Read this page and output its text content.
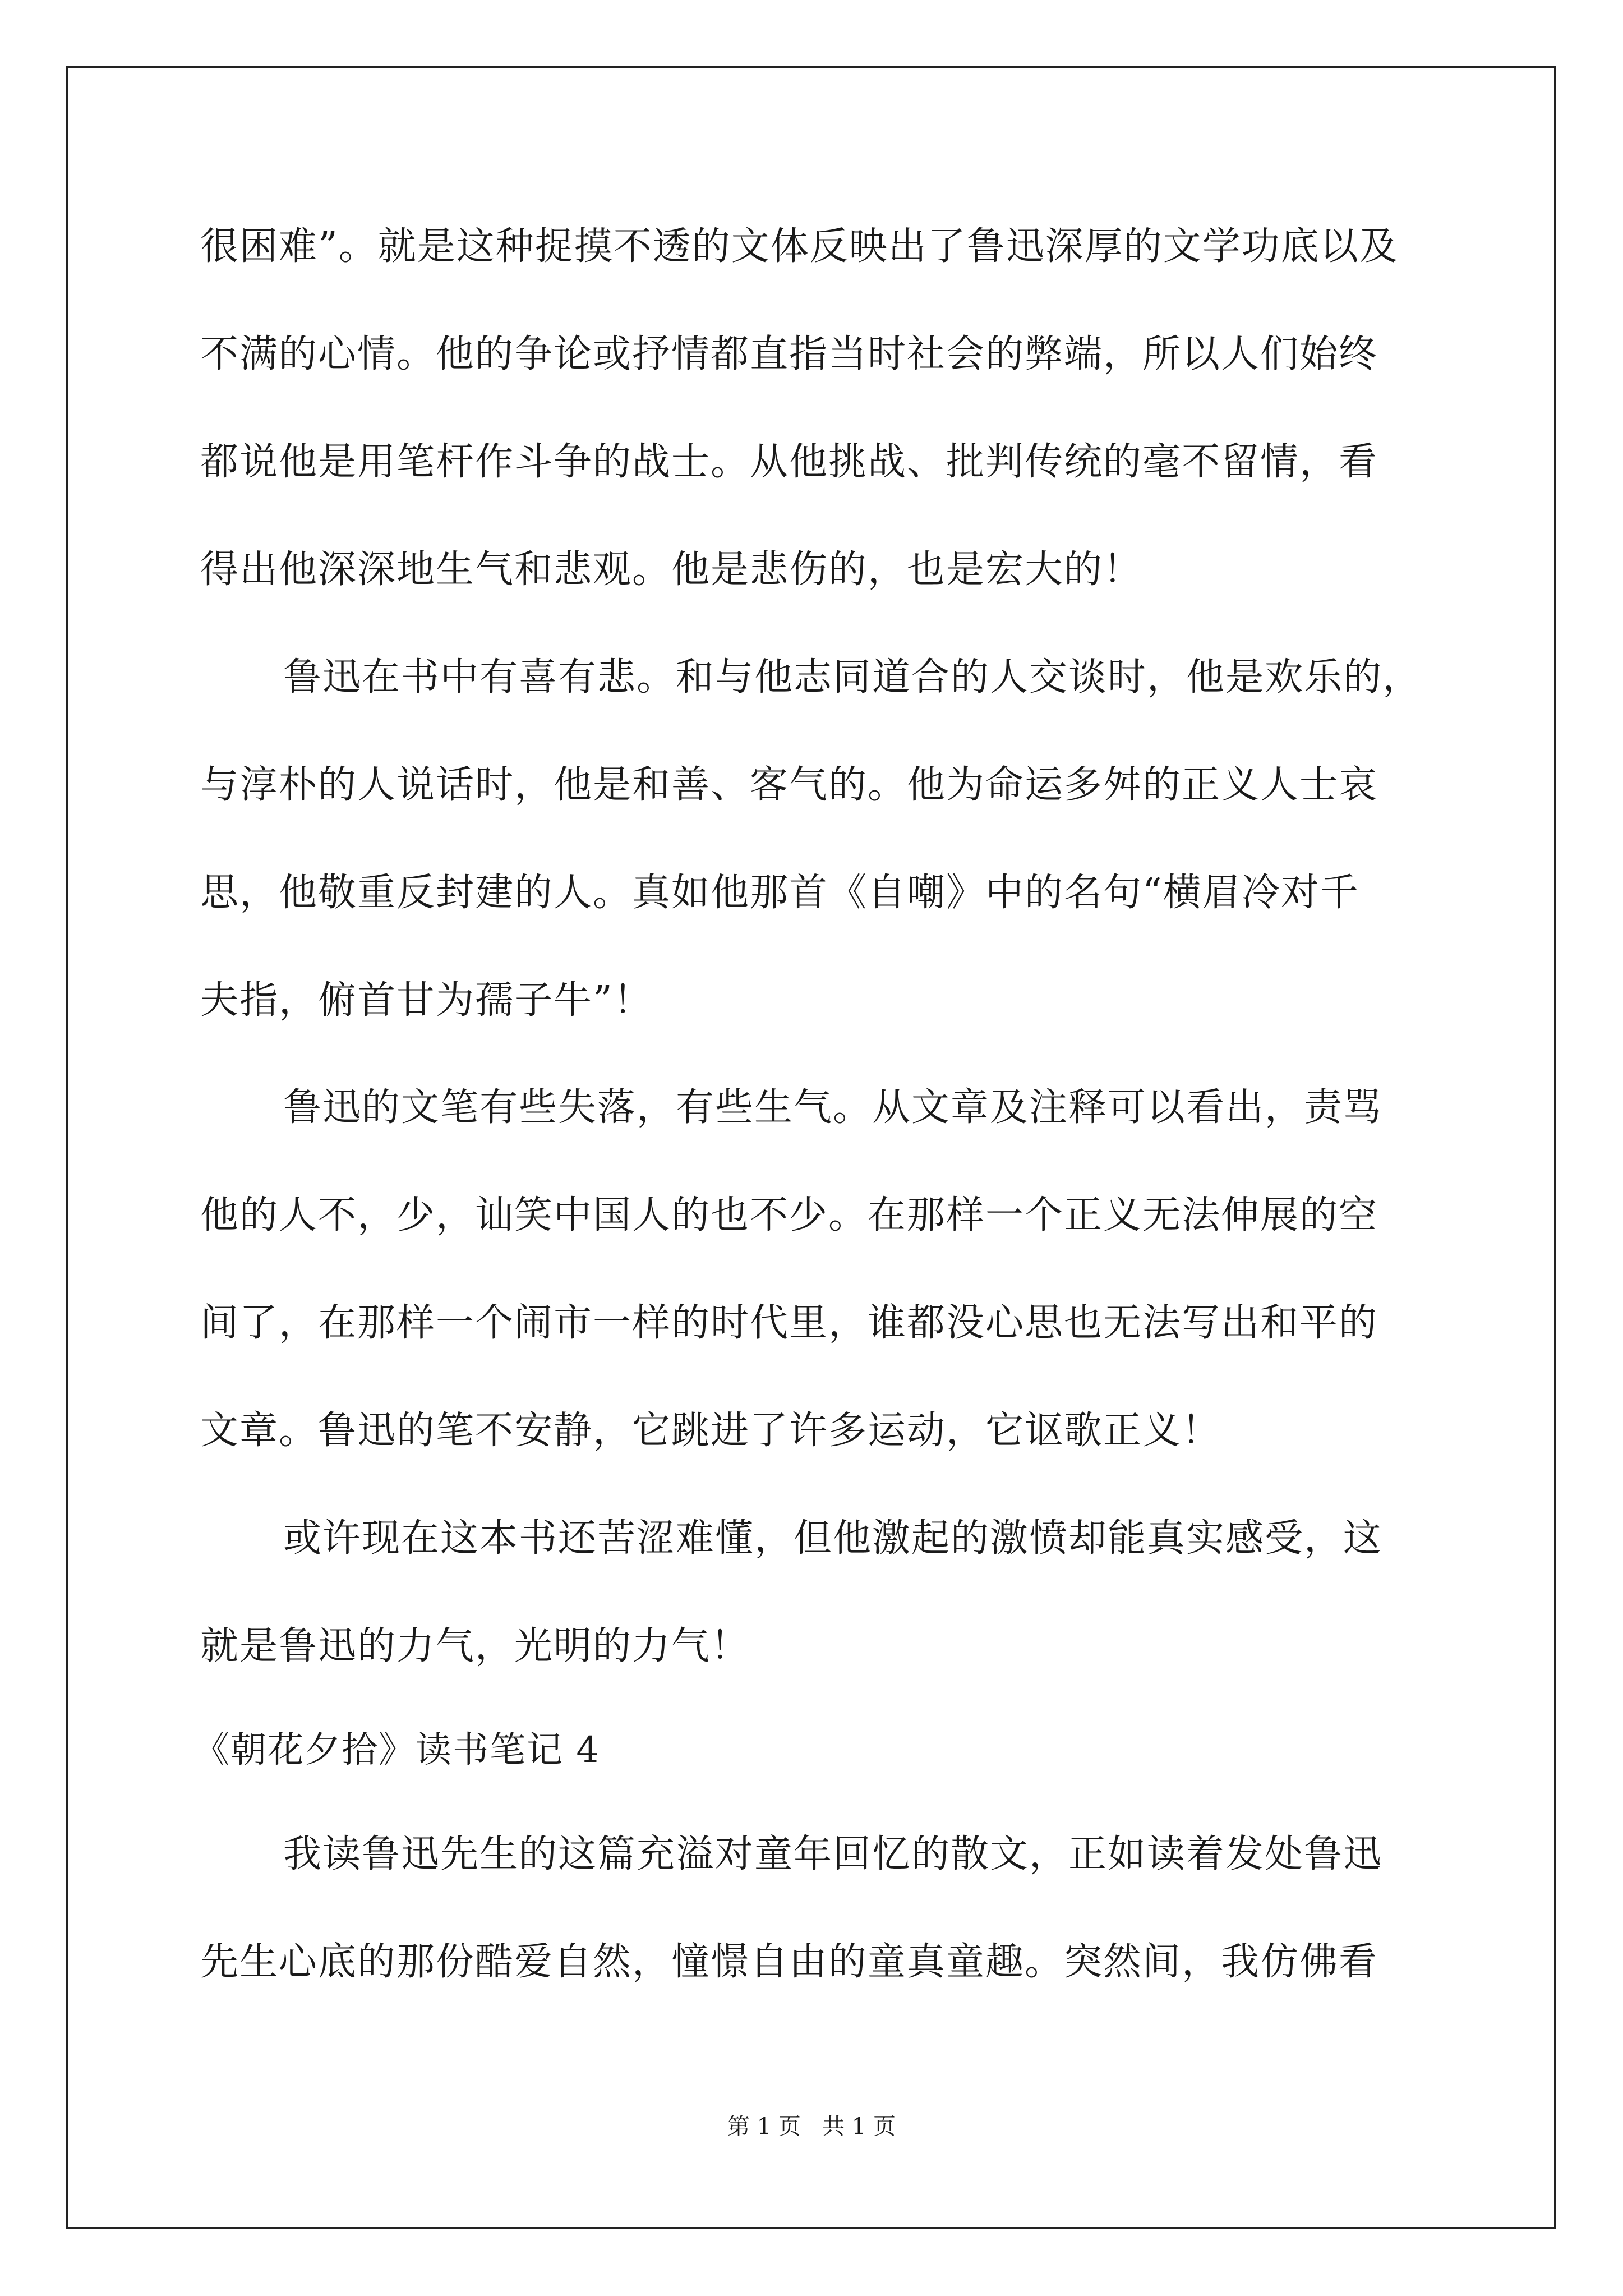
很困难”。就是这种捉摸不透的文体反映出了鲁迅深厚的文学功底以及
不满的心情。他的争论或抒情都直指当时社会的弊端，所以人们始终
都说他是用笔杆作斗争的战士。从他挑战、批判传统的毫不留情，看
得出他深深地生气和悲观。他是悲伤的，也是宏大的！
鲁迅在书中有喜有悲。和与他志同道合的人交谈时，他是欢乐的，
与淳朴的人说话时，他是和善、客气的。他为命运多舛的正义人士哀
思，他敬重反封建的人。真如他那首《自嘲》中的名句“横眉冷对千
夫指，俯首甘为孺子牛”！
鲁迅的文笔有些失落，有些生气。从文章及注释可以看出，责骂
他的人不，少，讪笑中国人的也不少。在那样一个正义无法伸展的空
间了，在那样一个闹市一样的时代里，谁都没心思也无法写出和平的
文章。鲁迅的笔不安静，它跳进了许多运动，它讴歌正义！
或许现在这本书还苦涩难懂，但他激起的激愤却能真实感受，这
就是鲁迅的力气，光明的力气！
《朝花夕拾》读书笔记 4
我读鲁迅先生的这篇充溢对童年回忆的散文，正如读着发处鲁迅
先生心底的那份酷爱自然，憧憬自由的童真童趣。突然间，我仿佛看
第 1 页   共 1 页
